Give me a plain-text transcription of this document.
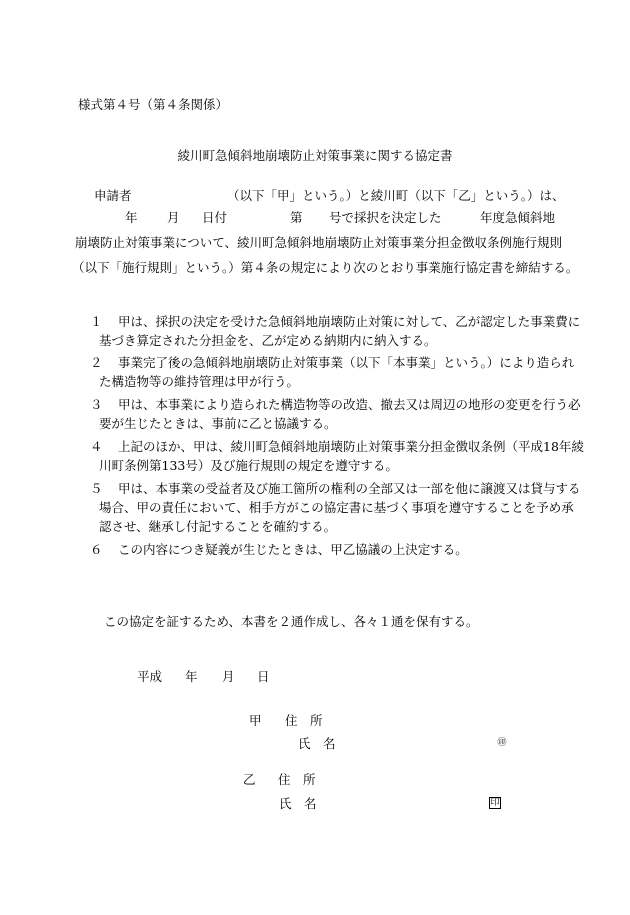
様式第４号（第４条関係）
綾川町急傾斜地崩壊防止対策事業に関する協定書
申請者	（以下「甲」という。）と綾川町（以下「乙」という。）は、
年 月 日付	第 号で採択を決定した	年度急傾斜地
崩壊防止対策事業について、綾川町急傾斜地崩壊防止対策事業分担金徴収条例施行規則
（以下「施行規則」という。）第４条の規定により次のとおり事業施行協定書を締結する。
１ 甲は、採択の決定を受けた急傾斜地崩壊防止対策に対して、乙が認定した事業費に
基づき算定された分担金を、乙が定める納期内に納入する。
２ 事業完了後の急傾斜地崩壊防止対策事業（以下「本事業」という。）により造られ
た構造物等の維持管理は甲が行う。
３ 甲は、本事業により造られた構造物等の改造、撤去又は周辺の地形の変更を行う必
要が生じたときは、事前に乙と協議する。
４ 上記のほか、甲は、綾川町急傾斜地崩壊防止対策事業分担金徴収条例（平成18年綾
川町条例第133号）及び施行規則の規定を遵守する。
５ 甲は、本事業の受益者及び施工箇所の権利の全部又は一部を他に譲渡又は貸与する
場合、甲の責任において、相手方がこの協定書に基づく事項を遵守することを予め承
認させ、継承し付記することを確約する。
６ この内容につき疑義が生じたときは、甲乙協議の上決定する。
この協定を証するため、本書を２通作成し、各々１通を保有する。
平成 年 月 日
甲 住　所
氏　名	㊞
乙 住　所
氏　名	印
